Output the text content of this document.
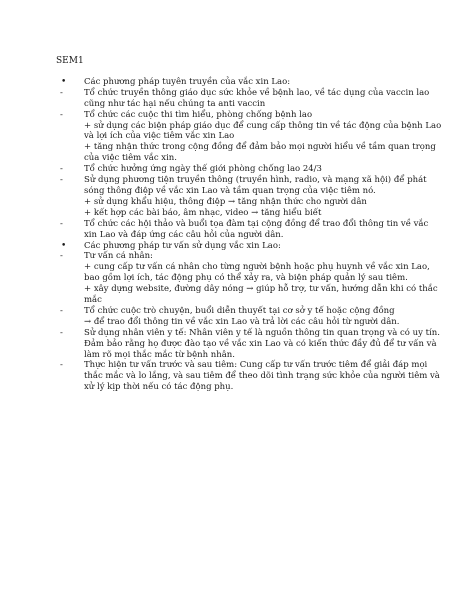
SEM1
• Các phương pháp tuyên truyền của vắc xin Lao:
- Tổ chức truyền thông giáo dục sức khỏe về bệnh lao, về tác dụng của vaccin lao
cũng như tác hại nếu chúng ta anti vaccin
- Tổ chức các cuộc thi tìm hiểu, phòng chống bệnh lao
+ sử dụng các biện pháp giáo dục để cung cấp thông tin về tác động của bệnh Lao
và lợi ích của việc tiêm vắc xin Lao
+ tăng nhận thức trong cộng đồng để đảm bảo mọi người hiểu về tầm quan trọng
của việc tiêm vắc xin.
- Tổ chức hưởng ứng ngày thế giới phòng chống lao 24/3
- Sử dụng phương tiện truyền thông (truyền hình, radio, và mạng xã hội) để phát
sóng thông điệp về vắc xin Lao và tầm quan trọng của việc tiêm nó.
+ sử dụng khẩu hiệu, thông điệp → tăng nhận thức cho người dân
+ kết hợp các bài báo, âm nhạc, video → tăng hiểu biết
- Tổ chức các hội thảo và buổi tọa đàm tại cộng đồng để trao đổi thông tin về vắc
xin Lao và đáp ứng các câu hỏi của người dân.
• Các phương pháp tư vấn sử dụng vắc xin Lao:
- Tư vấn cá nhân:
+ cung cấp tư vấn cá nhân cho từng người bệnh hoặc phụ huynh về vắc xin Lao,
bao gồm lợi ích, tác động phụ có thể xảy ra, và biện pháp quản lý sau tiêm.
+ xây dựng website, đường dây nóng → giúp hỗ trợ, tư vấn, hướng dẫn khi có thắc
mắc
- Tổ chức cuộc trò chuyện, buổi diễn thuyết tại cơ sở y tế hoặc cộng đồng
→ để trao đổi thông tin về vắc xin Lao và trả lời các câu hỏi từ người dân.
- Sử dụng nhân viên y tế: Nhân viên y tế là nguồn thông tin quan trọng và có uy tín.
Đảm bảo rằng họ được đào tạo về vắc xin Lao và có kiến thức đầy đủ để tư vấn và
làm rõ mọi thắc mắc từ bệnh nhân.
- Thực hiện tư vấn trước và sau tiêm: Cung cấp tư vấn trước tiêm để giải đáp mọi
thắc mắc và lo lắng, và sau tiêm để theo dõi tình trạng sức khỏe của người tiêm và
xử lý kịp thời nếu có tác động phụ.
